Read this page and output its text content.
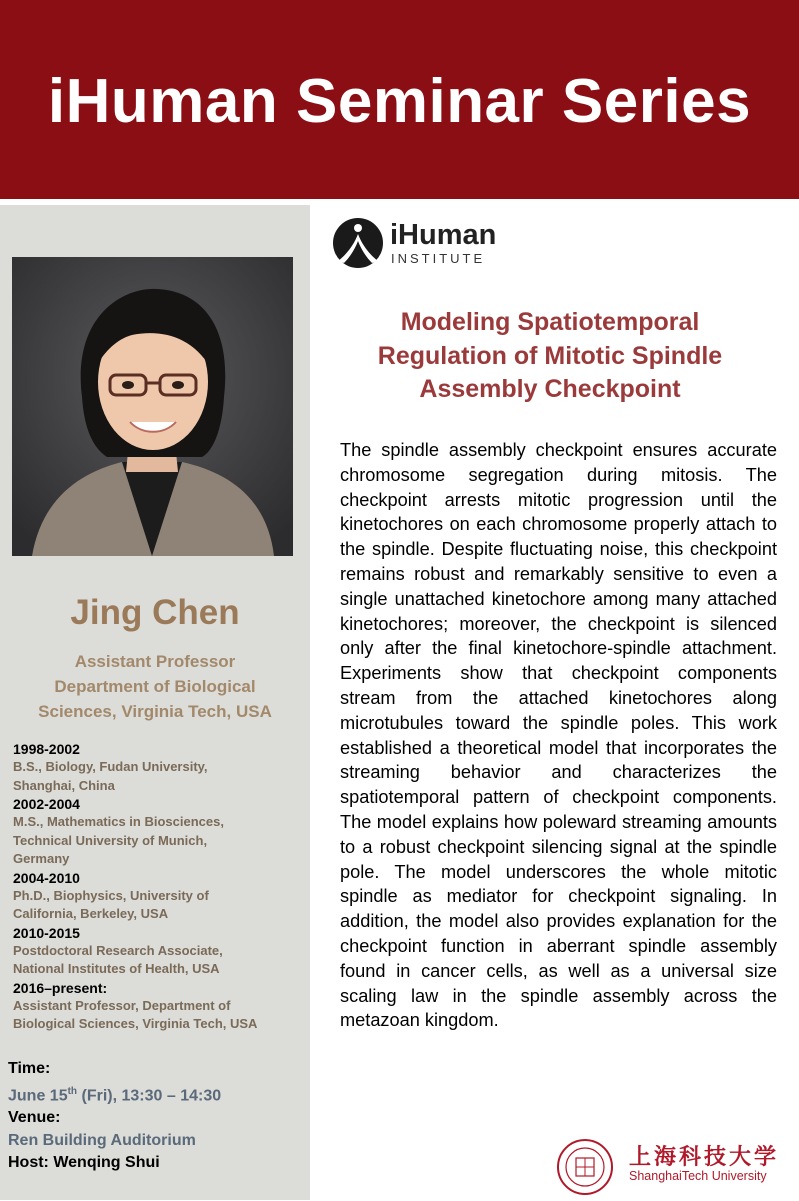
iHuman Seminar Series
Jing Chen
Assistant Professor
Department of Biological
Sciences, Virginia Tech, USA
1998-2002
B.S., Biology, Fudan University,
Shanghai, China
2002-2004
M.S., Mathematics in Biosciences,
Technical University of Munich,
Germany
2004-2010
Ph.D., Biophysics, University of
California, Berkeley, USA
2010-2015
Postdoctoral Research Associate,
National Institutes of Health, USA
2016–present:
Assistant Professor, Department of
Biological Sciences, Virginia Tech, USA
Time:
June 15th (Fri), 13:30 – 14:30
Venue:
Ren Building Auditorium
Host: Wenqing Shui
iHuman
INSTITUTE
Modeling Spatiotemporal
Regulation of Mitotic Spindle
Assembly Checkpoint
The spindle assembly checkpoint ensures accurate chromosome segregation during mitosis. The checkpoint arrests mitotic progression until the kinetochores on each chromosome properly attach to the spindle. Despite fluctuating noise, this checkpoint remains robust and remarkably sensitive to even a single unattached kinetochore among many attached kinetochores; moreover, the checkpoint is silenced only after the final kinetochore-spindle attachment. Experiments show that checkpoint components stream from the attached kinetochores along microtubules toward the spindle poles. This work established a theoretical model that incorporates the streaming behavior and characterizes the spatiotemporal pattern of checkpoint components. The model explains how poleward streaming amounts to a robust checkpoint silencing signal at the spindle pole. The model underscores the whole mitotic spindle as mediator for checkpoint signaling. In addition, the model also provides explanation for the checkpoint function in aberrant spindle assembly found in cancer cells, as well as a universal size scaling law in the spindle assembly across the metazoan kingdom.
上海科技大学
ShanghaiTech University
